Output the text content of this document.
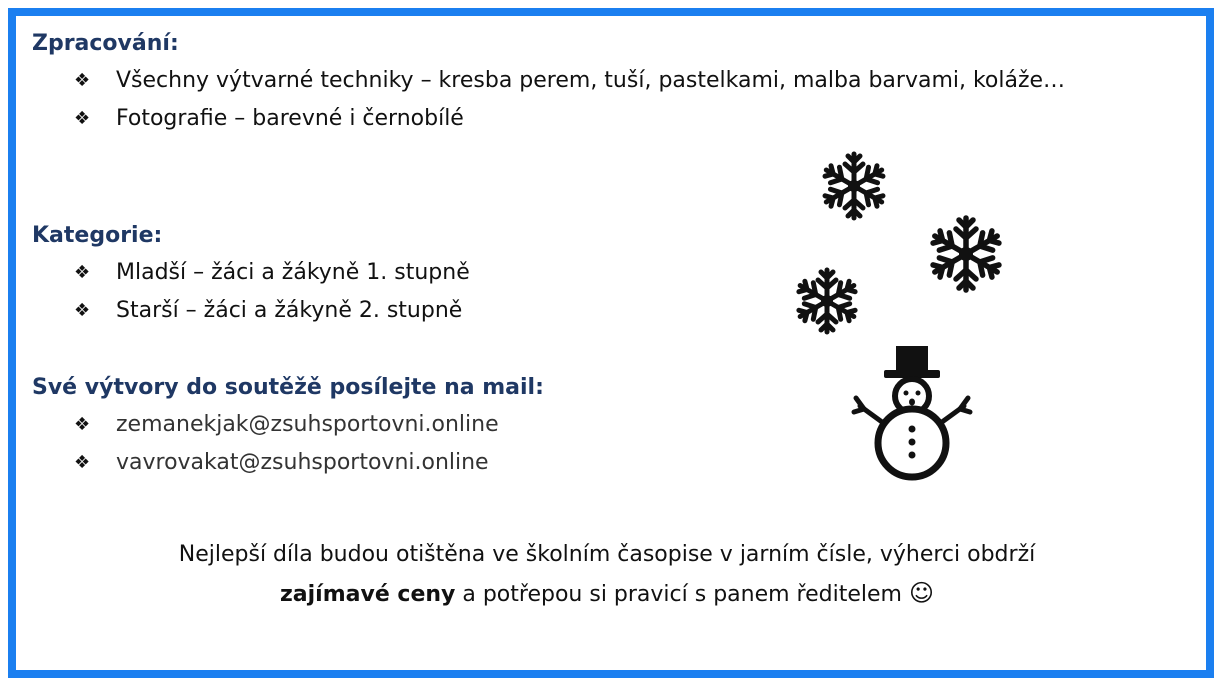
Zpracování:
❖ Všechny výtvarné techniky – kresba perem, tuší, pastelkami, malba barvami, koláže…
❖ Fotografie – barevné i černobílé
Kategorie:
❖ Mladší – žáci a žákyně 1. stupně
❖ Starší – žáci a žákyně 2. stupně
Své výtvory do soutěžě posílejte na mail:
❖ zemanekjak@zsuhsportovni.online
❖ vavrovakat@zsuhsportovni.online
Nejlepší díla budou otištěna ve školním časopise v jarním čísle, výherci obdrží
zajímavé ceny a potřepou si pravicí s panem ředitelem ☺
